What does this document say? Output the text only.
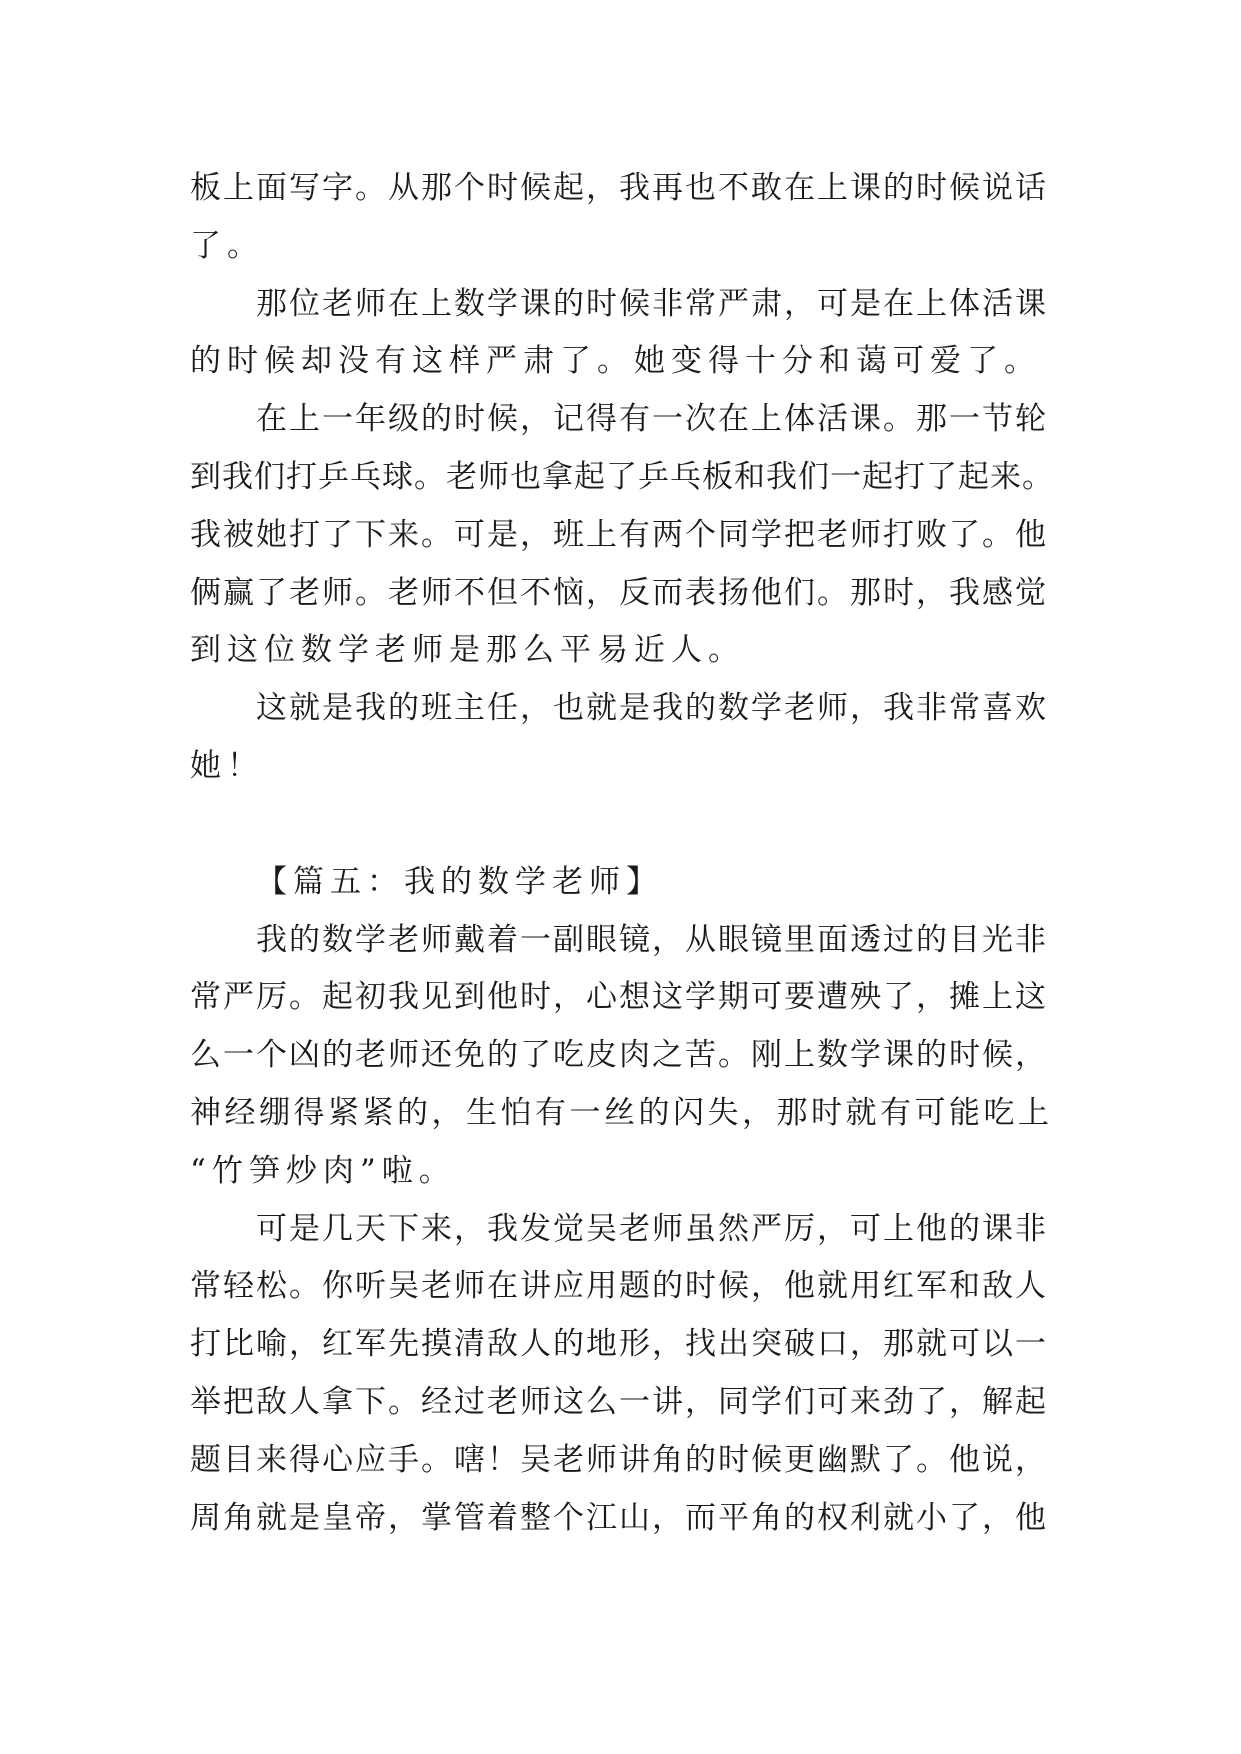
板上面写字。从那个时候起，我再也不敢在上课的时候说话
了。
那位老师在上数学课的时候非常严肃，可是在上体活课
的时候却没有这样严肃了。她变得十分和蔼可爱了。
在上一年级的时候，记得有一次在上体活课。那一节轮
到我们打乒乓球。老师也拿起了乒乓板和我们一起打了起来。
我被她打了下来。可是，班上有两个同学把老师打败了。他
俩赢了老师。老师不但不恼，反而表扬他们。那时，我感觉
到这位数学老师是那么平易近人。
这就是我的班主任，也就是我的数学老师，我非常喜欢
她！

【篇五：我的数学老师】

我的数学老师戴着一副眼镜，从眼镜里面透过的目光非
常严厉。起初我见到他时，心想这学期可要遭殃了，摊上这
么一个凶的老师还免的了吃皮肉之苦。刚上数学课的时候，
神经绷得紧紧的，生怕有一丝的闪失，那时就有可能吃上
“竹笋炒肉”啦。
可是几天下来，我发觉吴老师虽然严厉，可上他的课非
常轻松。你听吴老师在讲应用题的时候，他就用红军和敌人
打比喻，红军先摸清敌人的地形，找出突破口，那就可以一
举把敌人拿下。经过老师这么一讲，同学们可来劲了，解起
题目来得心应手。嗐！吴老师讲角的时候更幽默了。他说，
周角就是皇帝，掌管着整个江山，而平角的权利就小了，他
